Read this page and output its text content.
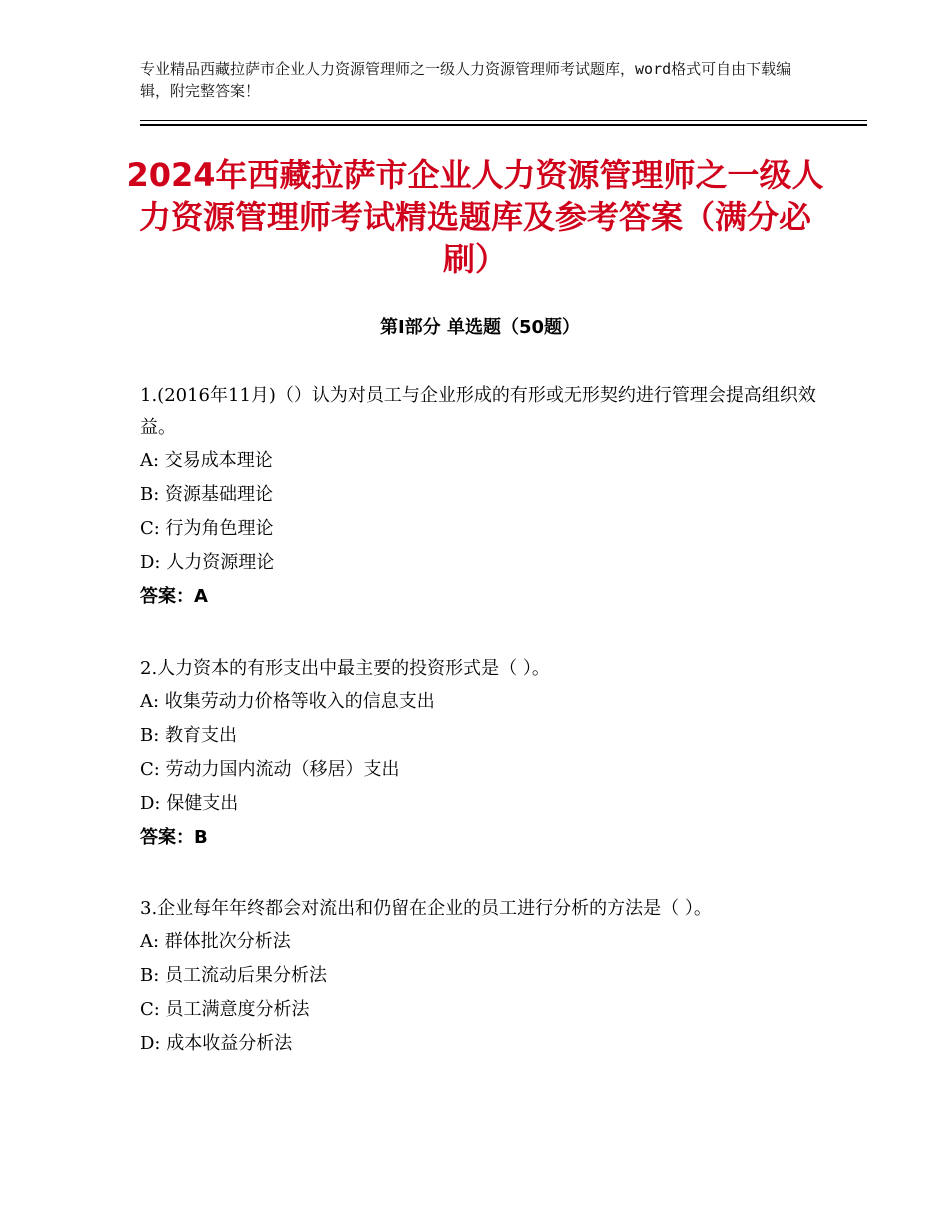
专业精品西藏拉萨市企业人力资源管理师之一级人力资源管理师考试题库，word格式可自由下载编辑，附完整答案！
2024年西藏拉萨市企业人力资源管理师之一级人力资源管理师考试精选题库及参考答案（满分必刷）
第Ⅰ部分 单选题（50题）
1.(2016年11月)（）认为对员工与企业形成的有形或无形契约进行管理会提高组织效益。
A: 交易成本理论
B: 资源基础理论
C: 行为角色理论
D: 人力资源理论
答案：A
2.人力资本的有形支出中最主要的投资形式是（ ）。
A: 收集劳动力价格等收入的信息支出
B: 教育支出
C: 劳动力国内流动（移居）支出
D: 保健支出
答案：B
3.企业每年年终都会对流出和仍留在企业的员工进行分析的方法是（ ）。
A: 群体批次分析法
B: 员工流动后果分析法
C: 员工满意度分析法
D: 成本收益分析法
